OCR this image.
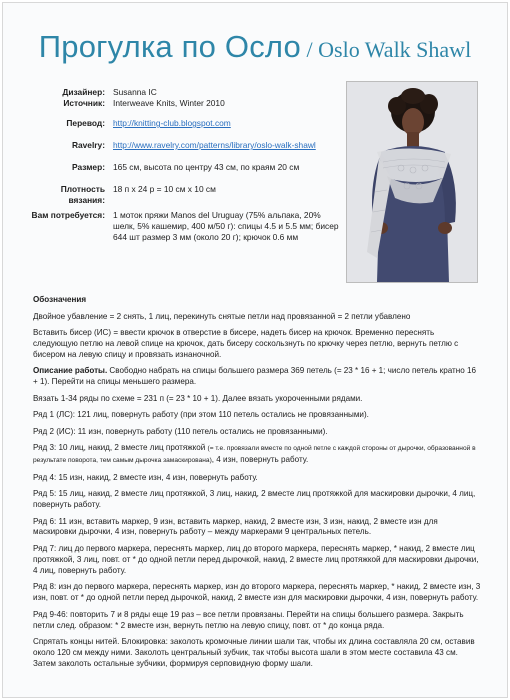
Прогулка по Осло / Oslo Walk Shawl
Дизайнер:	Susanna IC
Источник:	Interweave Knits, Winter 2010

Перевод:	http://knitting-club.blogspot.com

Ravelry:	http://www.ravelry.com/patterns/library/oslo-walk-shawl

Размер:	165 см, высота по центру 43 см, по краям 20 см

Плотность вязания:	18 п х 24 р = 10 см х 10 см

Вам потребуется:	1 моток пряжи Manos del Uruguay (75% альпака, 20% шелк, 5% кашемир, 400 м/50 г): спицы 4.5 и 5.5 мм; бисер 644 шт размер 3 мм (около 20 г); крючок 0.6 мм

Обозначения

Двойное убавление = 2 снять, 1 лиц, перекинуть снятые петли над провязанной = 2 петли убавлено

Вставить бисер (ИС) = ввести крючок в отверстие в бисере, надеть бисер на крючок. Временно переснять следующую петлю на левой спице на крючок, дать бисеру соскользнуть по крючку через петлю, вернуть петлю с бисером на левую спицу и провязать изнаночной.

Описание работы. Свободно набрать на спицы большего размера 369 петель (= 23 * 16 + 1; число петель кратно 16 + 1). Перейти на спицы меньшего размера.

Вязать 1-34 ряды по схеме = 231 п (= 23 * 10 + 1). Далее вязать укороченными рядами.

Ряд 1 (ЛС): 121 лиц, повернуть работу (при этом 110 петель остались не провязанными).

Ряд 2 (ИС): 11 изн, повернуть работу (110 петель остались не провязанными).

Ряд 3: 10 лиц, накид, 2 вместе лиц протяжкой (= т.е. провязали вместе по одной петле с каждой стороны от дырочки, образованной в результате поворота, тем самым дырочка замаскирована), 4 изн, повернуть работу.

Ряд 4: 15 изн, накид, 2 вместе изн, 4 изн, повернуть работу.

Ряд 5: 15 лиц, накид, 2 вместе лиц протяжкой, 3 лиц, накид, 2 вместе лиц протяжкой для маскировки дырочки, 4 лиц, повернуть работу.

Ряд 6: 11 изн, вставить маркер, 9 изн, вставить маркер, накид, 2 вместе изн, 3 изн, накид, 2 вместе изн для маскировки дырочки, 4 изн, повернуть работу – между маркерами 9 центральных петель.

Ряд 7: лиц до первого маркера, переснять маркер, лиц до второго маркера, переснять маркер, * накид, 2 вместе лиц протяжкой, 3 лиц, повт. от * до одной петли перед дырочкой, накид, 2 вместе лиц протяжкой для маскировки дырочки, 4 лиц, повернуть работу.

Ряд 8: изн до первого маркера, переснять маркер, изн до второго маркера, переснять маркер, * накид, 2 вместе изн, 3 изн, повт. от * до одной петли перед дырочкой, накид, 2 вместе изн для маскировки дырочки, 4 изн, повернуть работу.

Ряд 9-46: повторить 7 и 8 ряды еще 19 раз – все петли провязаны. Перейти на спицы большего размера. Закрыть петли след. образом: * 2 вместе изн, вернуть петлю на левую спицу, повт. от * до конца ряда.

Спрятать концы нитей. Блокировка: заколоть кромочные линии шали так, чтобы их длина составляла 20 см, оставив около 120 см между ними. Заколоть центральный зубчик, так чтобы высота шали в этом месте составила 43 см. Затем заколоть остальные зубчики, формируя серповидную форму шали.
